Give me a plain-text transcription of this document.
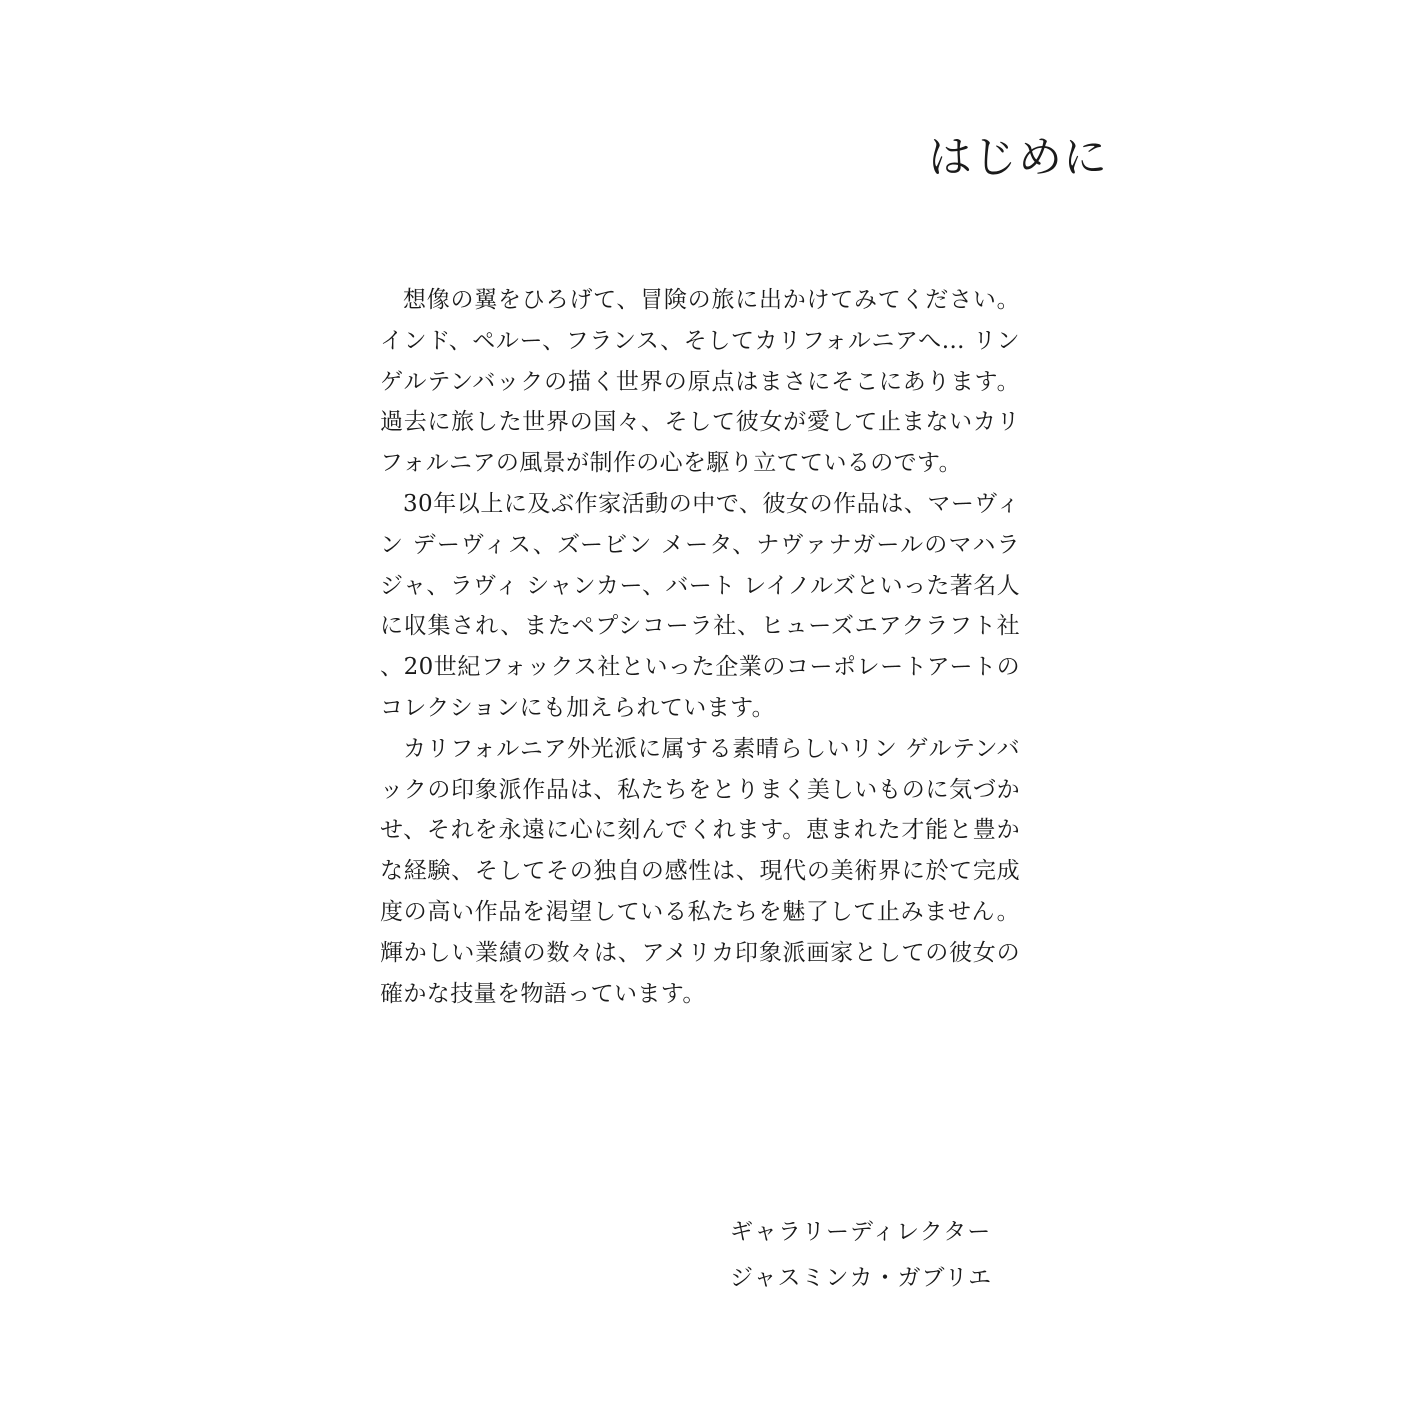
はじめに

想像の翼をひろげて、冒険の旅に出かけてみてください。インド、ペルー、フランス、そしてカリフォルニアへ… リン ゲルテンバックの描く世界の原点はまさにそこにあります。過去に旅した世界の国々、そして彼女が愛して止まないカリフォルニアの風景が制作の心を駆り立てているのです。

30年以上に及ぶ作家活動の中で、彼女の作品は、マーヴィン デーヴィス、ズービン メータ、ナヴァナガールのマハラジャ、ラヴィ シャンカー、バート レイノルズといった著名人に収集され、またペプシコーラ社、ヒューズエアクラフト社、20世紀フォックス社といった企業のコーポレートアートのコレクションにも加えられています。

カリフォルニア外光派に属する素晴らしいリン ゲルテンバックの印象派作品は、私たちをとりまく美しいものに気づかせ、それを永遠に心に刻んでくれます。恵まれた才能と豊かな経験、そしてその独自の感性は、現代の美術界に於て完成度の高い作品を渇望している私たちを魅了して止みません。輝かしい業績の数々は、アメリカ印象派画家としての彼女の確かな技量を物語っています。

ギャラリーディレクター
ジャスミンカ・ガブリエ
